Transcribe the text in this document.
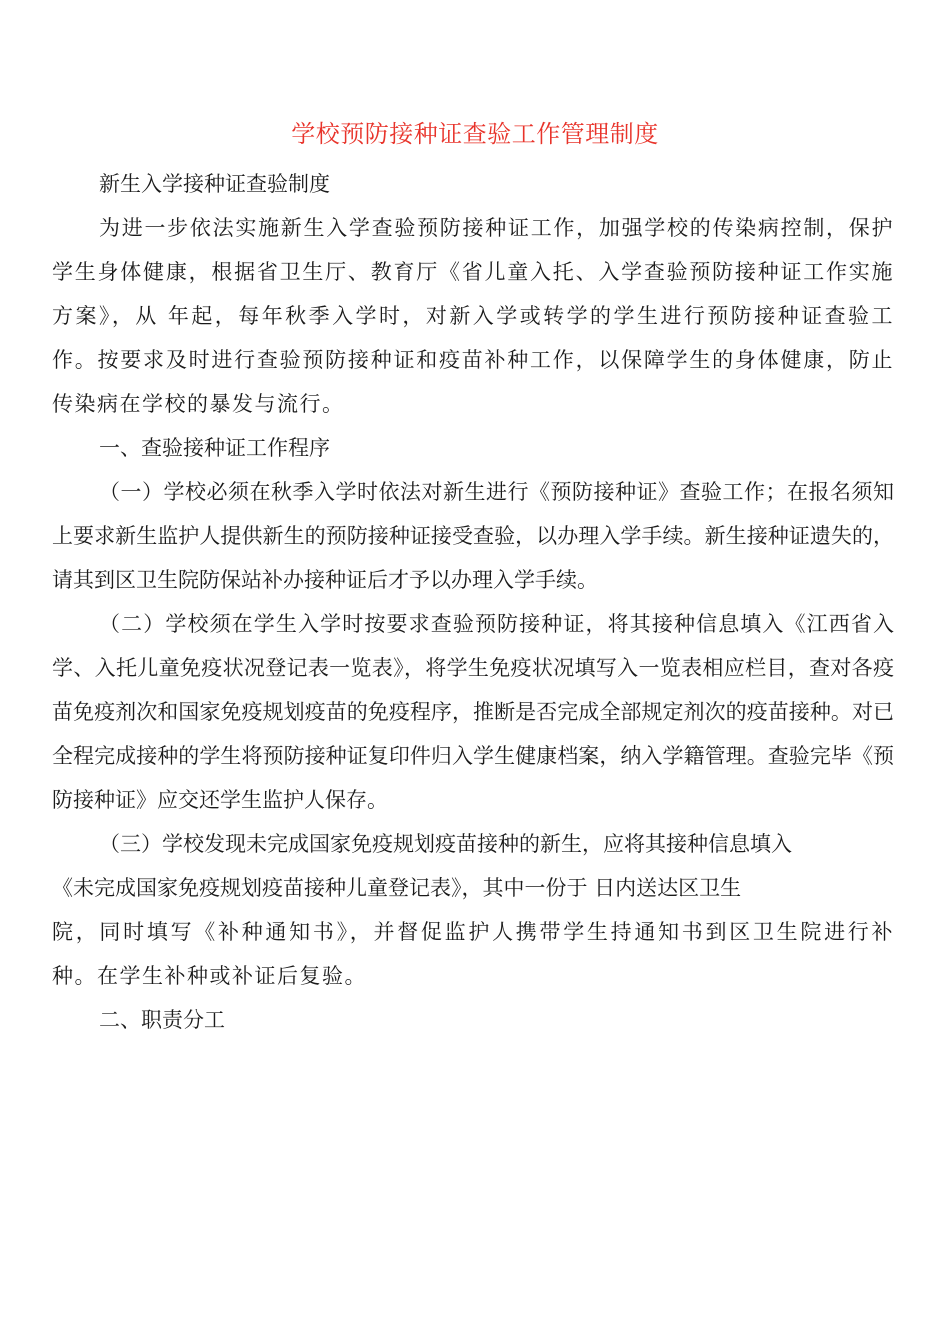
学校预防接种证查验工作管理制度

新生入学接种证查验制度

为进一步依法实施新生入学查验预防接种证工作，加强学校的传染病控制，保护学生身体健康，根据省卫生厅、教育厅《省儿童入托、入学查验预防接种证工作实施方案》，从 年起，每年秋季入学时，对新入学或转学的学生进行预防接种证查验工作。按要求及时进行查验预防接种证和疫苗补种工作，以保障学生的身体健康，防止传染病在学校的暴发与流行。

一、查验接种证工作程序

（一）学校必须在秋季入学时依法对新生进行《预防接种证》查验工作；在报名须知上要求新生监护人提供新生的预防接种证接受查验，以办理入学手续。新生接种证遗失的，请其到区卫生院防保站补办接种证后才予以办理入学手续。

（二）学校须在学生入学时按要求查验预防接种证，将其接种信息填入《江西省入学、入托儿童免疫状况登记表一览表》，将学生免疫状况填写入一览表相应栏目，查对各疫苗免疫剂次和国家免疫规划疫苗的免疫程序，推断是否完成全部规定剂次的疫苗接种。对已全程完成接种的学生将预防接种证复印件归入学生健康档案，纳入学籍管理。查验完毕《预防接种证》应交还学生监护人保存。

（三）学校发现未完成国家免疫规划疫苗接种的新生，应将其接种信息填入

《未完成国家免疫规划疫苗接种儿童登记表》，其中一份于 日内送达区卫生

院，同时填写《补种通知书》，并督促监护人携带学生持通知书到区卫生院进行补种。在学生补种或补证后复验。

二、职责分工
